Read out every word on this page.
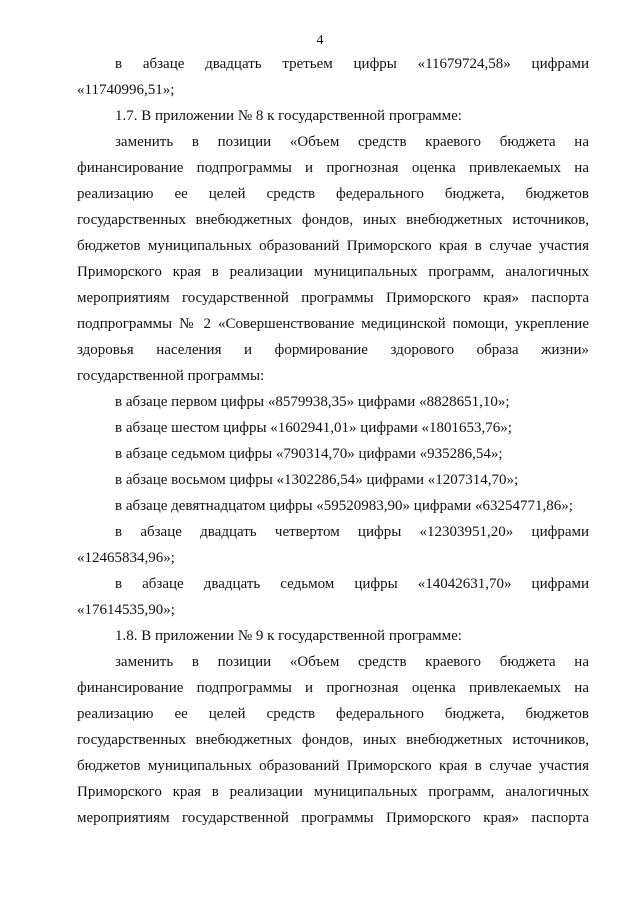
4
в абзаце двадцать третьем цифры «11679724,58» цифрами
«11740996,51»;
1.7. В приложении № 8 к государственной программе:
заменить в позиции «Объем средств краевого бюджета на
финансирование подпрограммы и прогнозная оценка привлекаемых на
реализацию ее целей средств федерального бюджета, бюджетов
государственных внебюджетных фондов, иных внебюджетных источников,
бюджетов муниципальных образований Приморского края в случае участия
Приморского края в реализации муниципальных программ, аналогичных
мероприятиям государственной программы Приморского края» паспорта
подпрограммы № 2 «Совершенствование медицинской помощи, укрепление
здоровья населения и формирование здорового образа жизни»
государственной программы:
в абзаце первом цифры «8579938,35» цифрами «8828651,10»;
в абзаце шестом цифры «1602941,01» цифрами «1801653,76»;
в абзаце седьмом цифры «790314,70» цифрами «935286,54»;
в абзаце восьмом цифры «1302286,54» цифрами «1207314,70»;
в абзаце девятнадцатом цифры «59520983,90» цифрами «63254771,86»;
в абзаце двадцать четвертом цифры «12303951,20» цифрами
«12465834,96»;
в абзаце двадцать седьмом цифры «14042631,70» цифрами
«17614535,90»;
1.8. В приложении № 9 к государственной программе:
заменить в позиции «Объем средств краевого бюджета на
финансирование подпрограммы и прогнозная оценка привлекаемых на
реализацию ее целей средств федерального бюджета, бюджетов
государственных внебюджетных фондов, иных внебюджетных источников,
бюджетов муниципальных образований Приморского края в случае участия
Приморского края в реализации муниципальных программ, аналогичных
мероприятиям государственной программы Приморского края» паспорта
